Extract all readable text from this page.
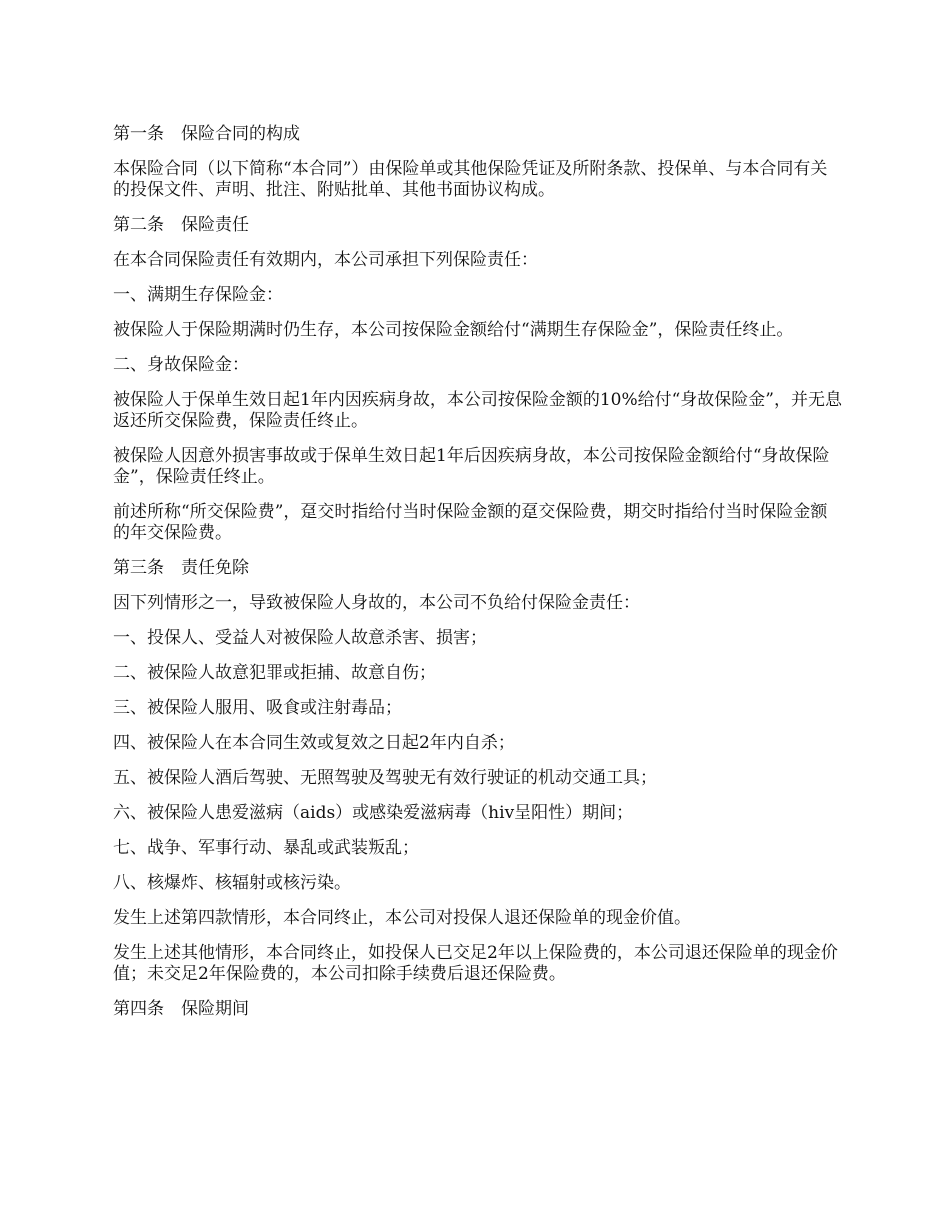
第一条　保险合同的构成

本保险合同（以下简称“本合同”）由保险单或其他保险凭证及所附条款、投保单、与本合同有关的投保文件、声明、批注、附贴批单、其他书面协议构成。

第二条　保险责任

在本合同保险责任有效期内，本公司承担下列保险责任：

一、满期生存保险金：

被保险人于保险期满时仍生存，本公司按保险金额给付“满期生存保险金”，保险责任终止。

二、身故保险金：

被保险人于保单生效日起1年内因疾病身故，本公司按保险金额的10%给付“身故保险金”，并无息返还所交保险费，保险责任终止。

被保险人因意外损害事故或于保单生效日起1年后因疾病身故，本公司按保险金额给付“身故保险金”，保险责任终止。

前述所称“所交保险费”，趸交时指给付当时保险金额的趸交保险费，期交时指给付当时保险金额的年交保险费。

第三条　责任免除

因下列情形之一，导致被保险人身故的，本公司不负给付保险金责任：

一、投保人、受益人对被保险人故意杀害、损害；

二、被保险人故意犯罪或拒捕、故意自伤；

三、被保险人服用、吸食或注射毒品；

四、被保险人在本合同生效或复效之日起2年内自杀；

五、被保险人酒后驾驶、无照驾驶及驾驶无有效行驶证的机动交通工具；

六、被保险人患爱滋病（aids）或感染爱滋病毒（hiv呈阳性）期间；

七、战争、军事行动、暴乱或武装叛乱；

八、核爆炸、核辐射或核污染。

发生上述第四款情形，本合同终止，本公司对投保人退还保险单的现金价值。

发生上述其他情形，本合同终止，如投保人已交足2年以上保险费的，本公司退还保险单的现金价值；未交足2年保险费的，本公司扣除手续费后退还保险费。

第四条　保险期间
